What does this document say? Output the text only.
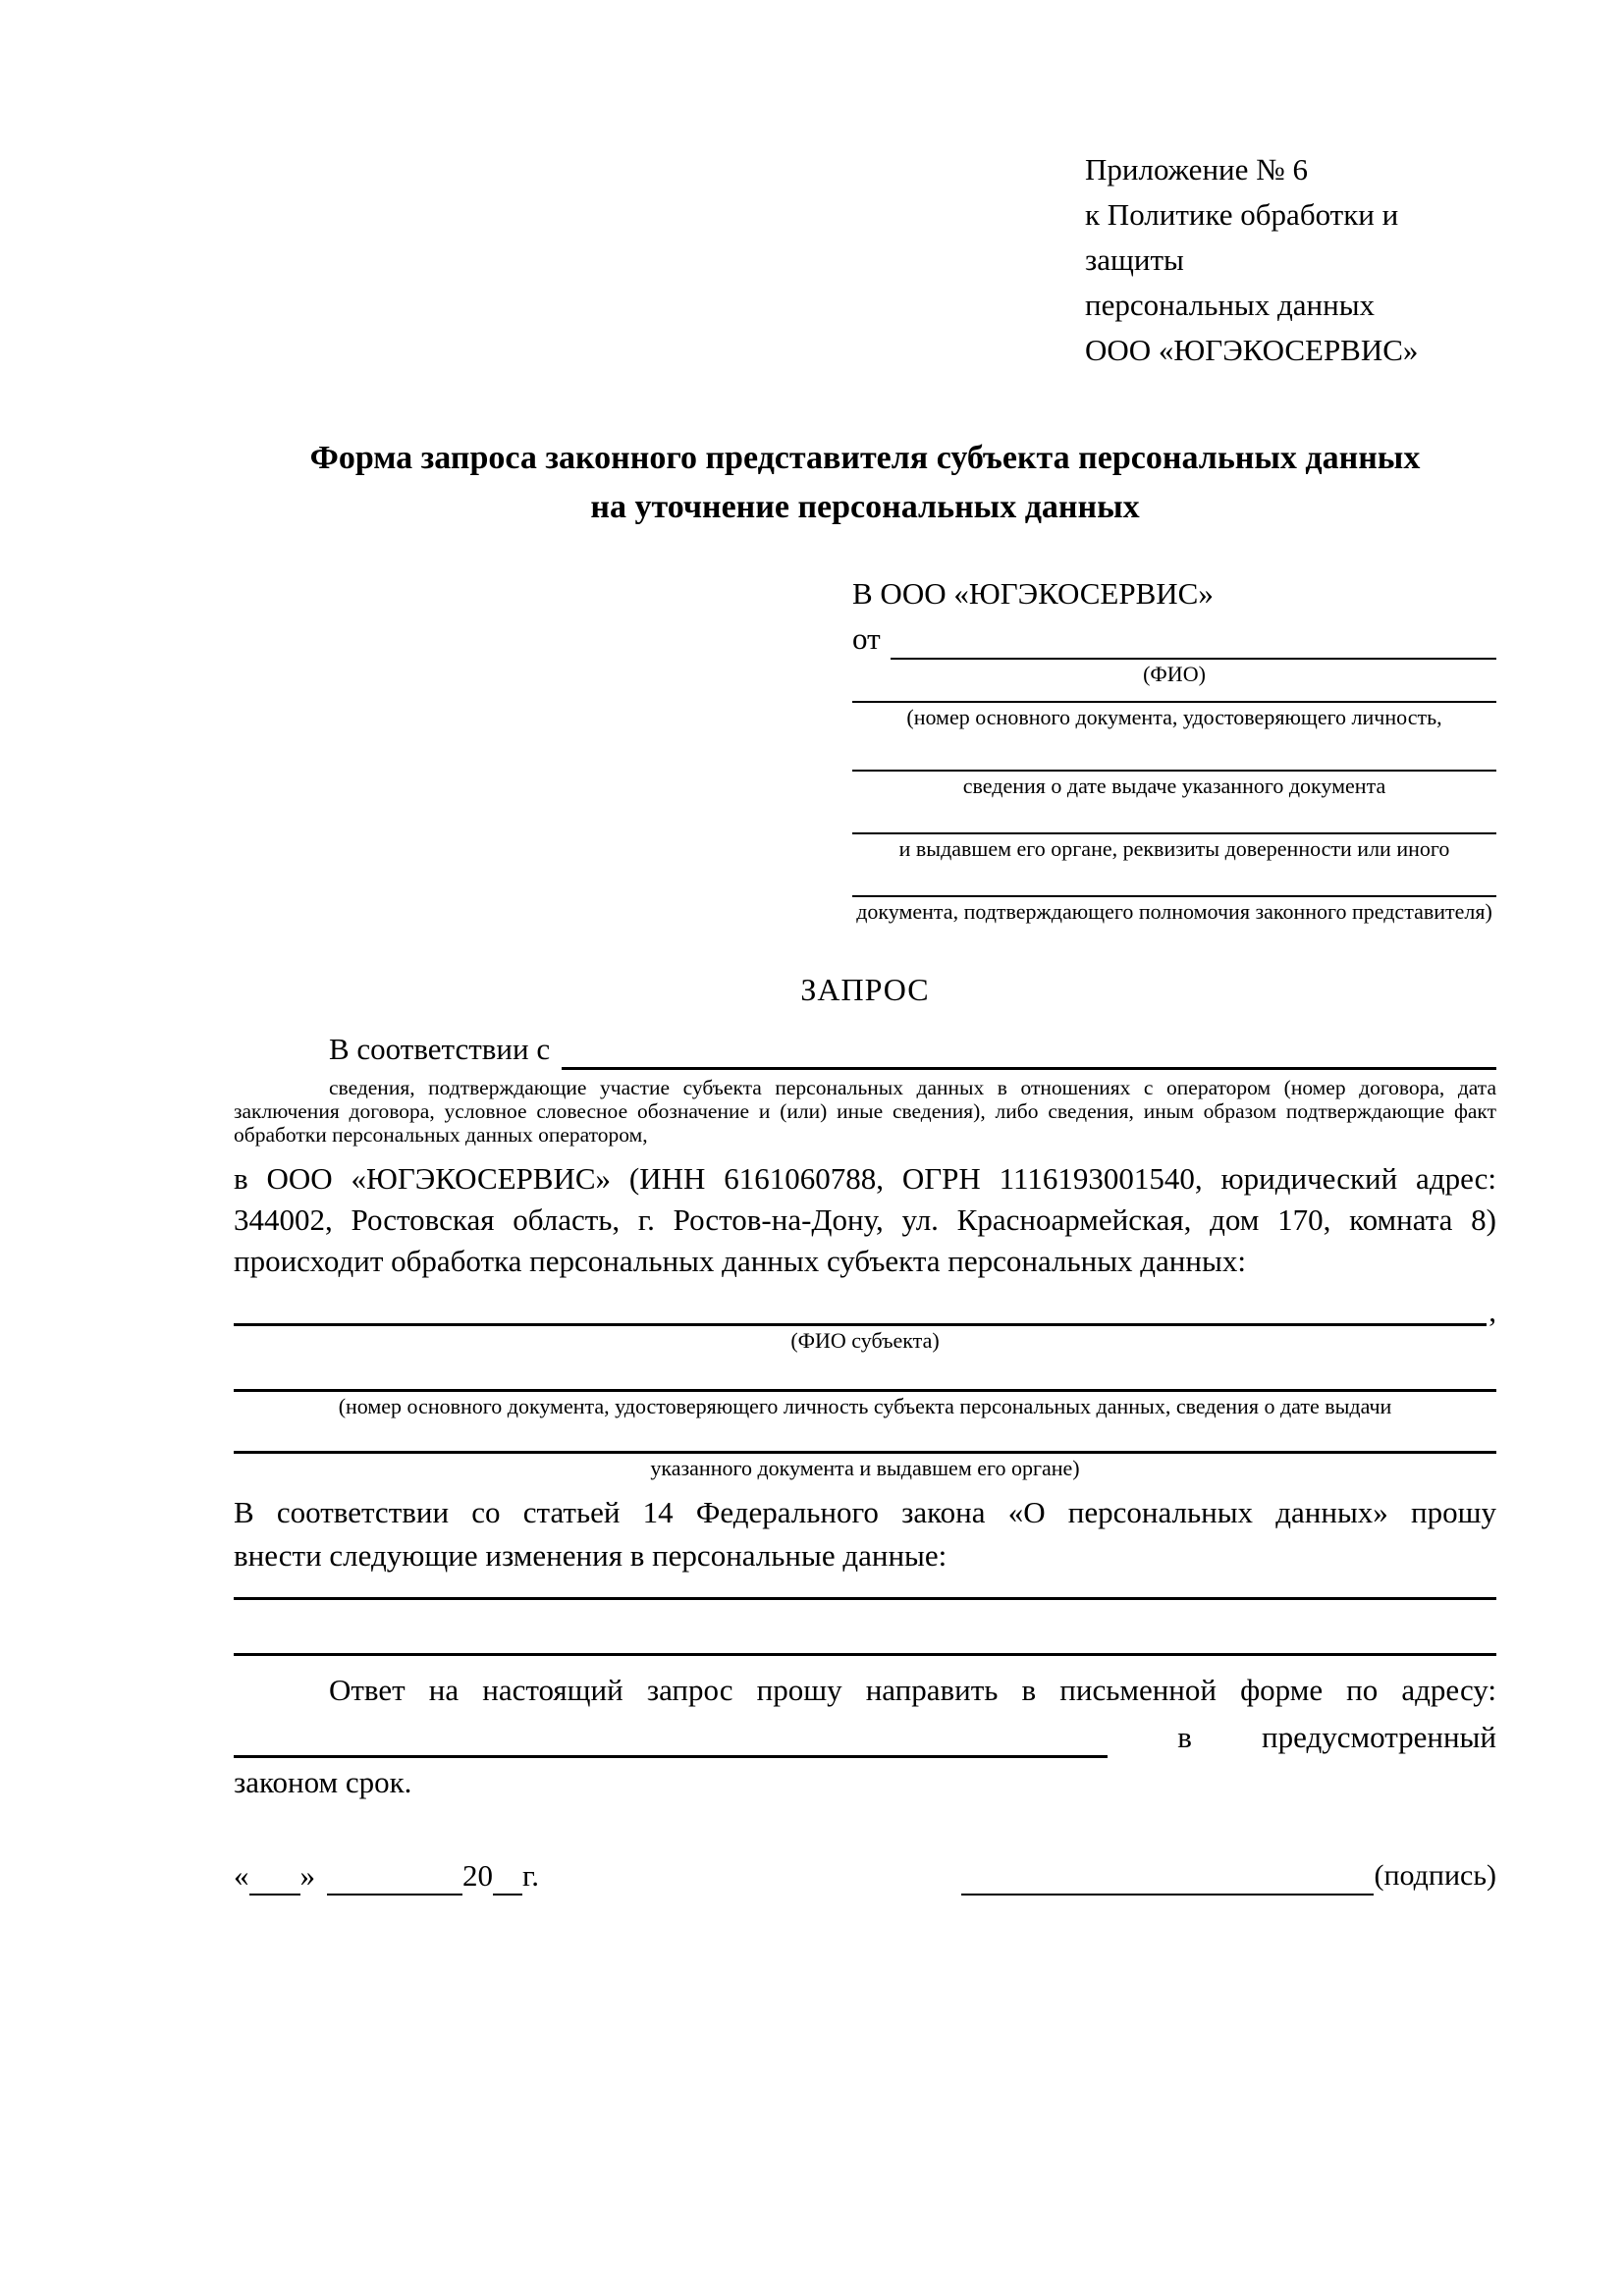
Приложение № 6
к Политике обработки и защиты
персональных данных
ООО «ЮГЭКОСЕРВИС»
Форма запроса законного представителя субъекта персональных данных
на уточнение персональных данных
В ООО «ЮГЭКОСЕРВИС»
от
(ФИО)
(номер основного документа, удостоверяющего личность,
сведения о дате выдаче указанного документа
и выдавшем его органе, реквизиты доверенности или иного
документа, подтверждающего полномочия законного представителя)
ЗАПРОС
В соответствии с
сведения, подтверждающие участие субъекта персональных данных в отношениях с оператором (номер договора, дата заключения договора, условное словесное обозначение и (или) иные сведения), либо сведения, иным образом подтверждающие факт обработки персональных данных оператором,
в ООО «ЮГЭКОСЕРВИС» (ИНН 6161060788, ОГРН 1116193001540, юридический адрес:
344002, Ростовская область, г. Ростов-на-Дону, ул. Красноармейская, дом 170, комната 8)
происходит обработка персональных данных субъекта персональных данных:
,
(ФИО субъекта)
(номер основного документа, удостоверяющего личность субъекта персональных данных, сведения о дате выдачи
указанного документа и выдавшем его органе)
В соответствии со статьей 14 Федерального закона «О персональных данных» прошу
внести следующие изменения в персональные данные:
Ответ на настоящий запрос прошу направить в письменной форме по адресу:
в предусмотренный
законом срок.
« »	20 г.	(подпись)
